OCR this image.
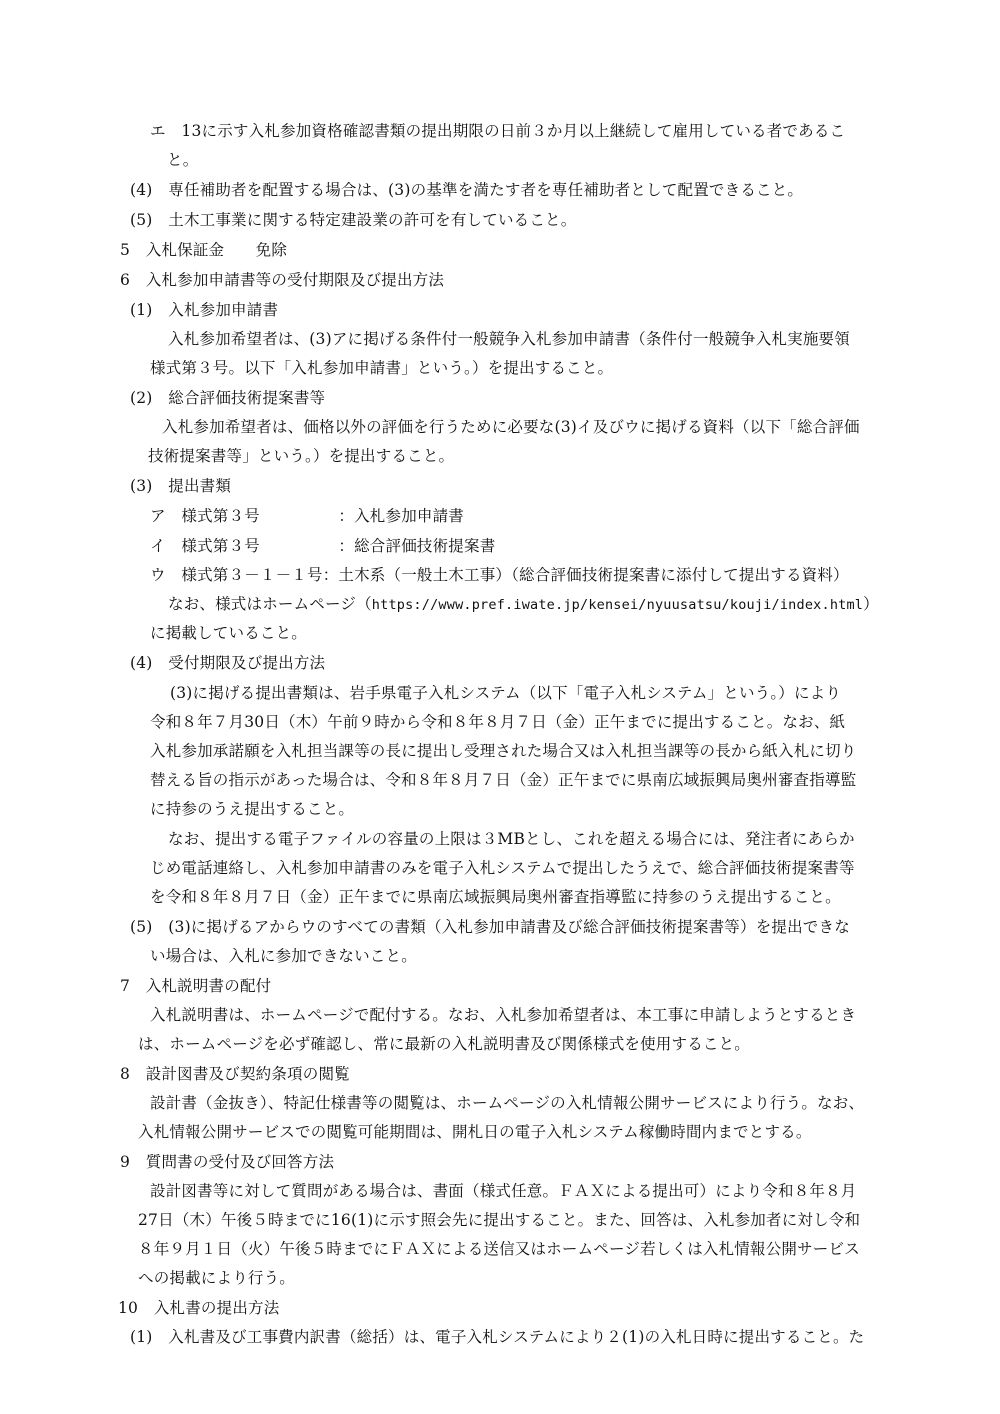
エ　13に示す入札参加資格確認書類の提出期限の日前３か月以上継続して雇用している者であるこ
と。
(4)　専任補助者を配置する場合は、(3)の基準を満たす者を専任補助者として配置できること。
(5)　土木工事業に関する特定建設業の許可を有していること。
5　入札保証金　　免除
6　入札参加申請書等の受付期限及び提出方法
(1)　入札参加申請書
入札参加希望者は、(3)アに掲げる条件付一般競争入札参加申請書（条件付一般競争入札実施要領
様式第３号。以下「入札参加申請書」という。）を提出すること。
(2)　総合評価技術提案書等
入札参加希望者は、価格以外の評価を行うために必要な(3)イ及びウに掲げる資料（以下「総合評価
技術提案書等」という。）を提出すること。
(3)　提出書類
ア　様式第３号　　　　　：入札参加申請書
イ　様式第３号　　　　　：総合評価技術提案書
ウ　様式第３－１－１号：土木系（一般土木工事）（総合評価技術提案書に添付して提出する資料）
なお、様式はホームページ（https://www.pref.iwate.jp/kensei/nyuusatsu/kouji/index.html）
に掲載していること。
(4)　受付期限及び提出方法
(3)に掲げる提出書類は、岩手県電子入札システム（以下「電子入札システム」という。）により
令和８年７月30日（木）午前９時から令和８年８月７日（金）正午までに提出すること。なお、紙
入札参加承諾願を入札担当課等の長に提出し受理された場合又は入札担当課等の長から紙入札に切り
替える旨の指示があった場合は、令和８年８月７日（金）正午までに県南広域振興局奥州審査指導監
に持参のうえ提出すること。
なお、提出する電子ファイルの容量の上限は３MBとし、これを超える場合には、発注者にあらか
じめ電話連絡し、入札参加申請書のみを電子入札システムで提出したうえで、総合評価技術提案書等
を令和８年８月７日（金）正午までに県南広域振興局奥州審査指導監に持参のうえ提出すること。
(5)　(3)に掲げるアからウのすべての書類（入札参加申請書及び総合評価技術提案書等）を提出できな
い場合は、入札に参加できないこと。
7　入札説明書の配付
入札説明書は、ホームページで配付する。なお、入札参加希望者は、本工事に申請しようとするとき
は、ホームページを必ず確認し、常に最新の入札説明書及び関係様式を使用すること。
8　設計図書及び契約条項の閲覧
設計書（金抜き）、特記仕様書等の閲覧は、ホームページの入札情報公開サービスにより行う。なお、
入札情報公開サービスでの閲覧可能期間は、開札日の電子入札システム稼働時間内までとする。
9　質問書の受付及び回答方法
設計図書等に対して質問がある場合は、書面（様式任意。ＦＡＸによる提出可）により令和８年８月
27日（木）午後５時までに16(1)に示す照会先に提出すること。また、回答は、入札参加者に対し令和
８年９月１日（火）午後５時までにＦＡＸによる送信又はホームページ若しくは入札情報公開サービス
への掲載により行う。
10　入札書の提出方法
(1)　入札書及び工事費内訳書（総括）は、電子入札システムにより２(1)の入札日時に提出すること。た
